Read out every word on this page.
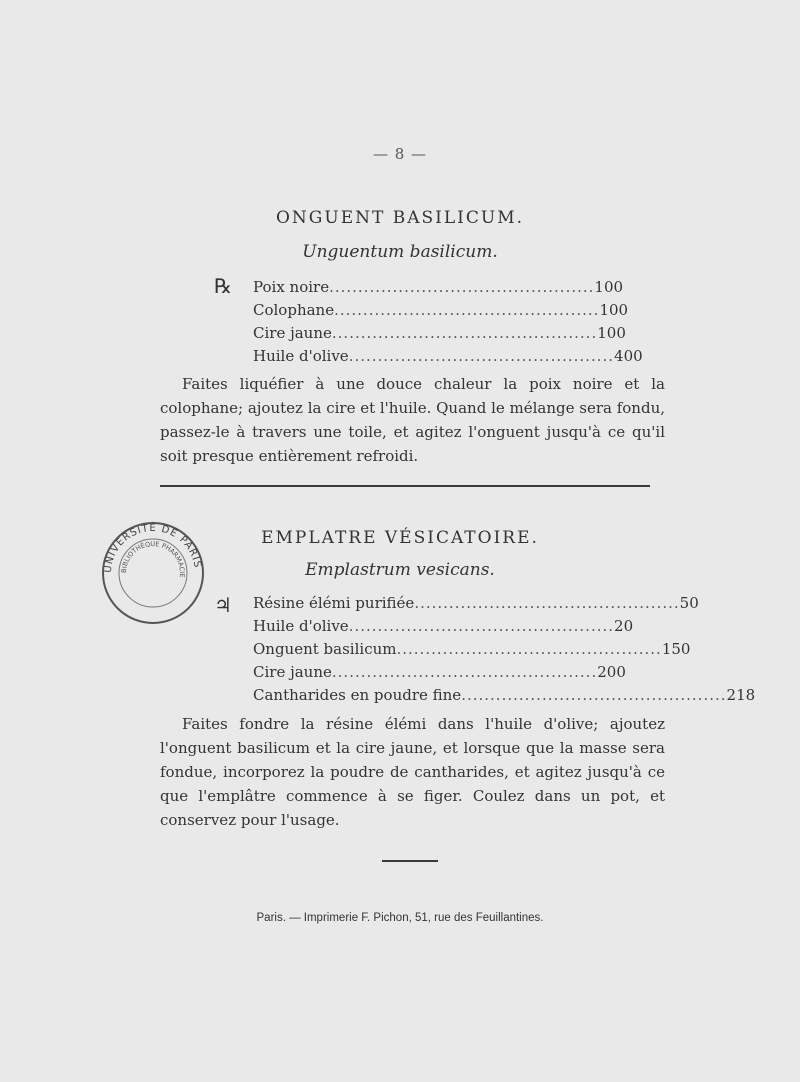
— 8 —
ONGUENT BASILICUM.
Unguentum basilicum.
℞ Poix noire .............................................. 100
Colophane .............................................. 100
Cire jaune .............................................. 100
Huile d'olive .............................................. 400
Faites liquéfier à une douce chaleur la poix noire et la colophane; ajoutez la cire et l'huile. Quand le mélange sera fondu, passez-le à travers une toile, et agitez l'onguent jusqu'à ce qu'il soit presque entièrement refroidi.
UNIVERSITÉ DE PARIS
BIBLIOTHÈQUE PHARMACIE
EMPLATRE VÉSICATOIRE.
Emplastrum vesicans.
♃ Résine élémi purifiée .............................................. 50
Huile d'olive .............................................. 20
Onguent basilicum .............................................. 150
Cire jaune .............................................. 200
Cantharides en poudre fine .............................................. 218
Faites fondre la résine élémi dans l'huile d'olive; ajoutez l'onguent basilicum et la cire jaune, et lorsque que la masse sera fondue, incorporez la poudre de cantharides, et agitez jusqu'à ce que l'emplâtre commence à se figer. Coulez dans un pot, et conservez pour l'usage.
Paris. — Imprimerie F. Pichon, 51, rue des Feuillantines.
